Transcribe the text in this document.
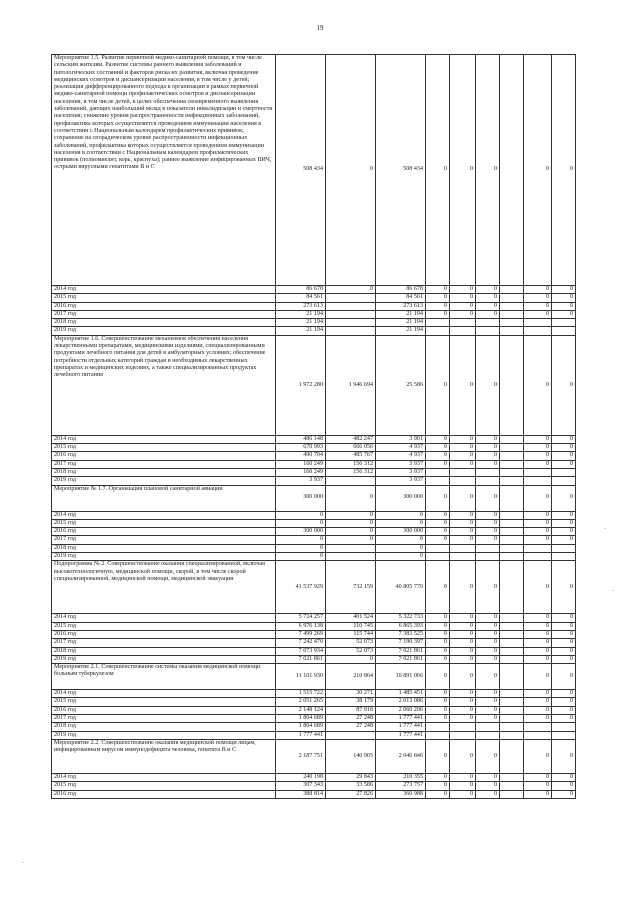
19
Мероприятие 1.5. Развитие первичной медико-санитарной помощи, в том числе сельским жителям. Развитие системы раннего выявления заболеваний и патологических состояний и факторов риска их развития, включая проведение медицинских осмотров и диспансеризации населения, в том числе у детей; реализация дифференцированного подхода к организации в рамках первичной медико-санитарной помощи профилактических осмотров и диспансеризации населения, в том числе детей, в целях обеспечения своевременного выявления заболеваний, дающих наибольший вклад в показатели инвалидизации и смертности населения; снижение уровня распространенности инфекционных заболеваний, профилактика которых осуществляется проведением иммунизации населения в соответствии с Национальным календарем профилактических прививок; сохранение на спорадическом уровне распространенности инфекционных заболеваний, профилактика которых осуществляется проведением иммунизации населения в соответствии с Национальным календарем профилактических прививок (полиомиелит, корь, краснуха); раннее выявление инфицированных ВИЧ, острыми вирусными гепатитами В и С	508 434	0	508 434	0	0	0		0	0
2014 год	86 678	0	86 678	0	0	0		0	0
2015 год	84 561		84 561	0	0	0		0	0
2016 год	273 613		273 613	0	0	0		0	0
2017 год	21 194		21 194	0	0	0		0	0
2018 год	21 194		21 194						
2019 год	21 194		21 194						
Мероприятие 1.6. Совершенствование механизмов обеспечения населения лекарственными препаратами, медицинскими изделиями, специализированными продуктами лечебного питания для детей в амбулаторных условиях; обеспечение потребности отдельных категорий граждан в необходимых лекарственных препаратах и медицинских изделиях, а также специализированных продуктах лечебного питания	1 972 280	1 946 694	25 586	0	0	0		0	0
2014 год	486 148	482 247	3 901	0	0	0		0	0
2015 год	670 993	666 056	4 937	0	0	0		0	0
2016 год	490 704	485 767	4 937	0	0	0		0	0
2017 год	160 249	156 312	3 937	0	0	0		0	0
2018 год	160 249	156 312	3 937						
2019 год	3 937		3 937						
Мероприятие № 1.7. Организация плановой санитарной авиации	300 000	0	300 000	0	0	0		0	0
2014 год	0	0	0	0	0	0		0	0
2015 год	0	0	0	0	0	0		0	0
2016 год	300 000	0	300 000	0	0	0		0	0
2017 год	0	0	0	0	0	0		0	0
2018 год	0		0						
2019 год	0		0						
Подпрограмма № 2. Совершенствование оказания специализированной, включая высокотехнологичную, медицинской помощи, скорой, в том числе скорой специализированной, медицинской помощи, медицинской эвакуации	41 537 929	732 159	40 805 770	0	0	0		0	0
2014 год	5 724 257	401 524	5 322 733	0	0	0		0	0
2015 год	6 976 138	110 745	6 865 393	0	0	0		0	0
2016 год	7 499 269	115 744	7 383 525	0	0	0		0	0
2017 год	7 242 470	52 073	7 190 397	0	0	0		0	0
2018 год	7 073 934	52 073	7 021 861	0	0	0		0	0
2019 год	7 021 861	0	7 021 861	0	0	0		0	0
Мероприятие 2.1. Совершенствование системы оказания медицинской помощи больным туберкулезом	11 101 930	210 864	10 891 066	0	0	0		0	0
2014 год	1 515 722	30 271	1 485 451	0	0	0		0	0
2015 год	2 051 265	38 179	2 013 086	0	0	0		0	0
2016 год	2 148 124	87 918	2 060 206	0	0	0		0	0
2017 год	1 804 689	27 248	1 777 441	0	0	0		0	0
2018 год	1 804 689	27 248	1 777 441						
2019 год	1 777 441		1 777 441						
Мероприятие 2.2. Совершенствование оказания медицинской помощи лицам, инфицированным вирусом иммунодефицита человека, гепатита В и С	2 187 751	140 905	2 046 846	0	0	0		0	0
2014 год	240 198	29 843	210 355	0	0	0		0	0
2015 год	307 343	33 586	273 757	0	0	0		0	0
2016 год	388 814	27 826	360 988	0	0	0		0	0
.
.
.
